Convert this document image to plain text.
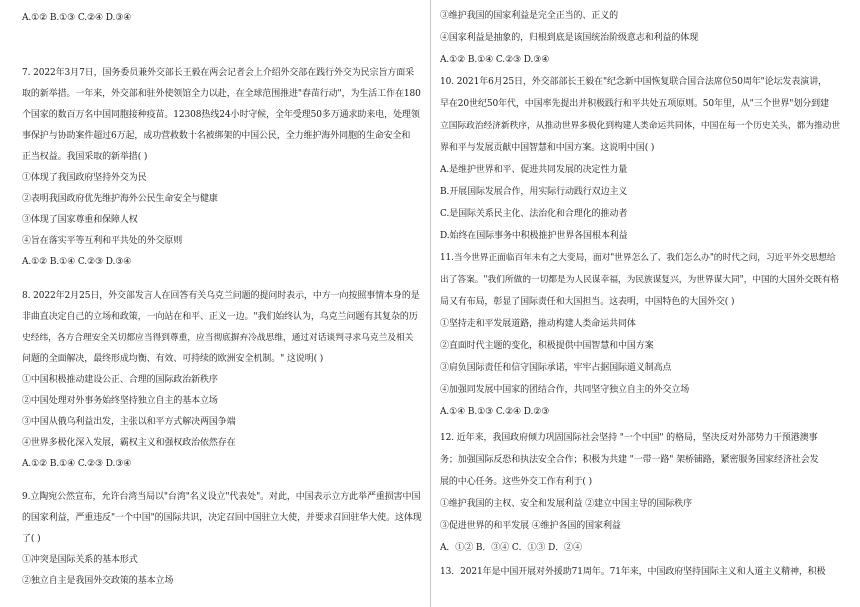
A.①② B.①③ C.②④ D.③④
7. 2022年3月7日，国务委员兼外交部长王毅在两会记者会上介绍外交部在践行外交为民宗旨方面采
取的新举措。一年来，外交部和驻外使领馆全力以赴，在全球范围推进"春苗行动"，为生活工作在180
个国家的数百万名中国同胞接种疫苗。12308热线24小时守候，全年受理50多万通求助来电，处理领
事保护与协助案件超过6万起，成功营救数十名被绑架的中国公民，全力维护海外同胞的生命安全和
正当权益。我国采取的新举措( )
①体现了我国政府坚持外交为民
②表明我国政府优先维护海外公民生命安全与健康
③体现了国家尊重和保障人权
④旨在落实平等互利和平共处的外交原则
A.①② B.①④ C.②③ D.③④
8. 2022年2月25日，外交部发言人在回答有关乌克兰问题的提问时表示，中方一向按照事情本身的是
非曲直决定自己的立场和政策，一向站在和平、正义一边。"我们始终认为，乌克兰问题有其复杂的历
史经纬，各方合理安全关切都应当得到尊重，应当彻底摒弃冷战思维，通过对话谈判寻求乌克兰及相关
问题的全面解决，最终形成均衡、有效、可持续的欧洲安全机制。" 这说明( )
①中国积极推动建设公正、合理的国际政治新秩序
②中国处理对外事务始终坚持独立自主的基本立场
③中国从俄乌利益出发，主张以和平方式解决两国争端
④世界多极化深入发展，霸权主义和强权政治依然存在
A.①② B.①④ C.②③ D.③④
9.立陶宛公然宣布，允许台湾当局以"台湾"名义设立"代表处"。对此，中国表示立方此举严重损害中国
的国家利益，严重违反"一个中国"的国际共识，决定召回中国驻立大使，并要求召回驻华大使。这体现
了( )
①冲突是国际关系的基本形式
②独立自主是我国外交政策的基本立场
③维护我国的国家利益是完全正当的、正义的
④国家利益是抽象的，归根到底是该国统治阶级意志和利益的体现
A.①② B.①④ C.②③ D.③④
10. 2021年6月25日，外交部部长王毅在"纪念新中国恢复联合国合法席位50周年"论坛发表演讲，
早在20世纪50年代，中国率先提出并积极践行和平共处五项原则。50年里，从"三个世界"划分到建
立国际政治经济新秩序，从推动世界多极化到构建人类命运共同体，中国在每一个历史关头，都为推动世
界和平与发展贡献中国智慧和中国方案。这说明中国( )
A.是维护世界和平、促进共同发展的决定性力量
B.开展国际发展合作，用实际行动践行双边主义
C.是国际关系民主化、法治化和合理化的推动者
D.始终在国际事务中积极推护世界各国根本利益
11.当今世界正面临百年未有之大变局，面对"世界怎么了、我们怎么办"的时代之问，习近平外交思想给
出了答案。"我们所做的一切都是为人民谋幸福，为民族谋复兴，为世界谋大同"，中国的大国外交既有格
局又有布局，彰显了国际责任和大国担当。这表明，中国特色的大国外交( )
①坚持走和平发展道路，推动构建人类命运共同体
②直面时代主题的变化，积极提供中国智慧和中国方案
③肩负国际责任和信守国际承诺，牢牢占据国际道义制高点
④加强同发展中国家的团结合作，共同坚守独立自主的外交立场
A.①④ B.①③ C.②④ D.②③
12. 近年来，我国政府倾力巩固国际社会坚持 "一个中国" 的格局，坚决反对外部势力干预港澳事
务；加强国际反恐和执法安全合作；积极为共建 "一带一路" 架桥铺路，紧密服务国家经济社会发
展的中心任务。这些外交工作有利于( )
①维护我国的主权、安全和发展利益 ②建立中国主导的国际秩序
③促进世界的和平发展 ④维护各国的国家利益
A．①② B．③④ C．①③ D．②④
13．2021年是中国开展对外援助71周年。71年来，中国政府坚持国际主义和人道主义精神，积极
